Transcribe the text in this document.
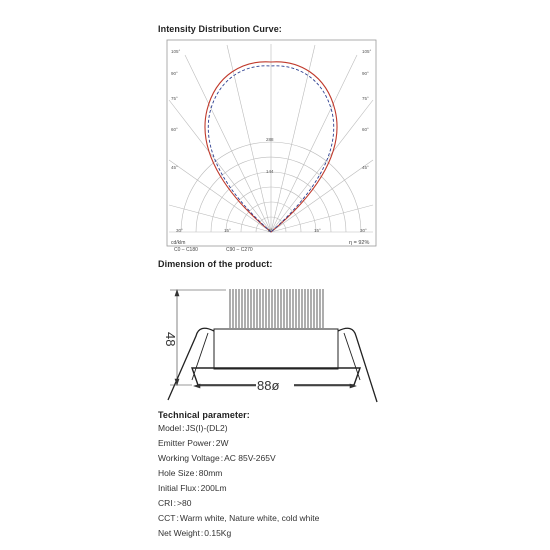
Intensity Distribution Curve:
Dimension of the product:
Technical parameter:
105°
90°
75°
60°
45°
105°
90°
75°
60°
45°
30°	15°	0°	15°	30°
288
144
cd/klm
C0 – C180	C90 – C270
η = 92%
48
88ø
Model:JS(I)-(DL2)
Emitter Power:2W
Working Voltage:AC 85V-265V
Hole Size:80mm
Initial Flux:200Lm
CRI:>80
CCT:Warm white, Nature white, cold white
Net Weight:0.15Kg
